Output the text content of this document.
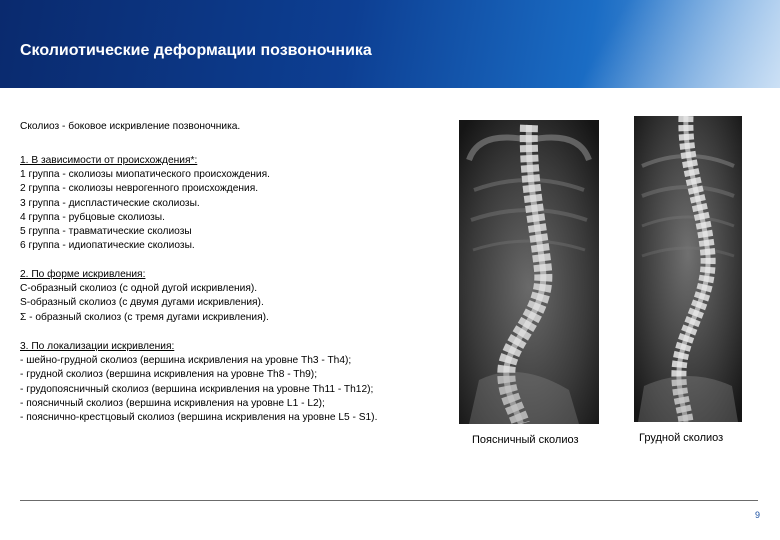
Сколиотические деформации позвоночника
Сколиоз - боковое искривление позвоночника.
1. В зависимости от происхождения*:
1 группа - сколиозы миопатического происхождения.
2 группа - сколиозы неврогенного происхождения.
3 группа - диспластические сколиозы.
4 группа - рубцовые сколиозы.
5 группа - травматические сколиозы
6 группа - идиопатические сколиозы.
2. По форме искривления:
C-образный сколиоз (с одной дугой искривления).
S-образный сколиоз (с двумя дугами искривления).
Σ - образный сколиоз (с тремя дугами искривления).
3. По локализации искривления:
- шейно-грудной сколиоз (вершина искривления на уровне Th3 - Th4);
- грудной сколиоз (вершина искривления на уровне Th8 - Th9);
- грудопоясничный сколиоз (вершина искривления на уровне Th11 - Th12);
- поясничный сколиоз (вершина искривления на уровне L1 - L2);
- пояснично-крестцовый сколиоз (вершина искривления на уровне L5 - S1).
Поясничный сколиоз	Грудной сколиоз
9
